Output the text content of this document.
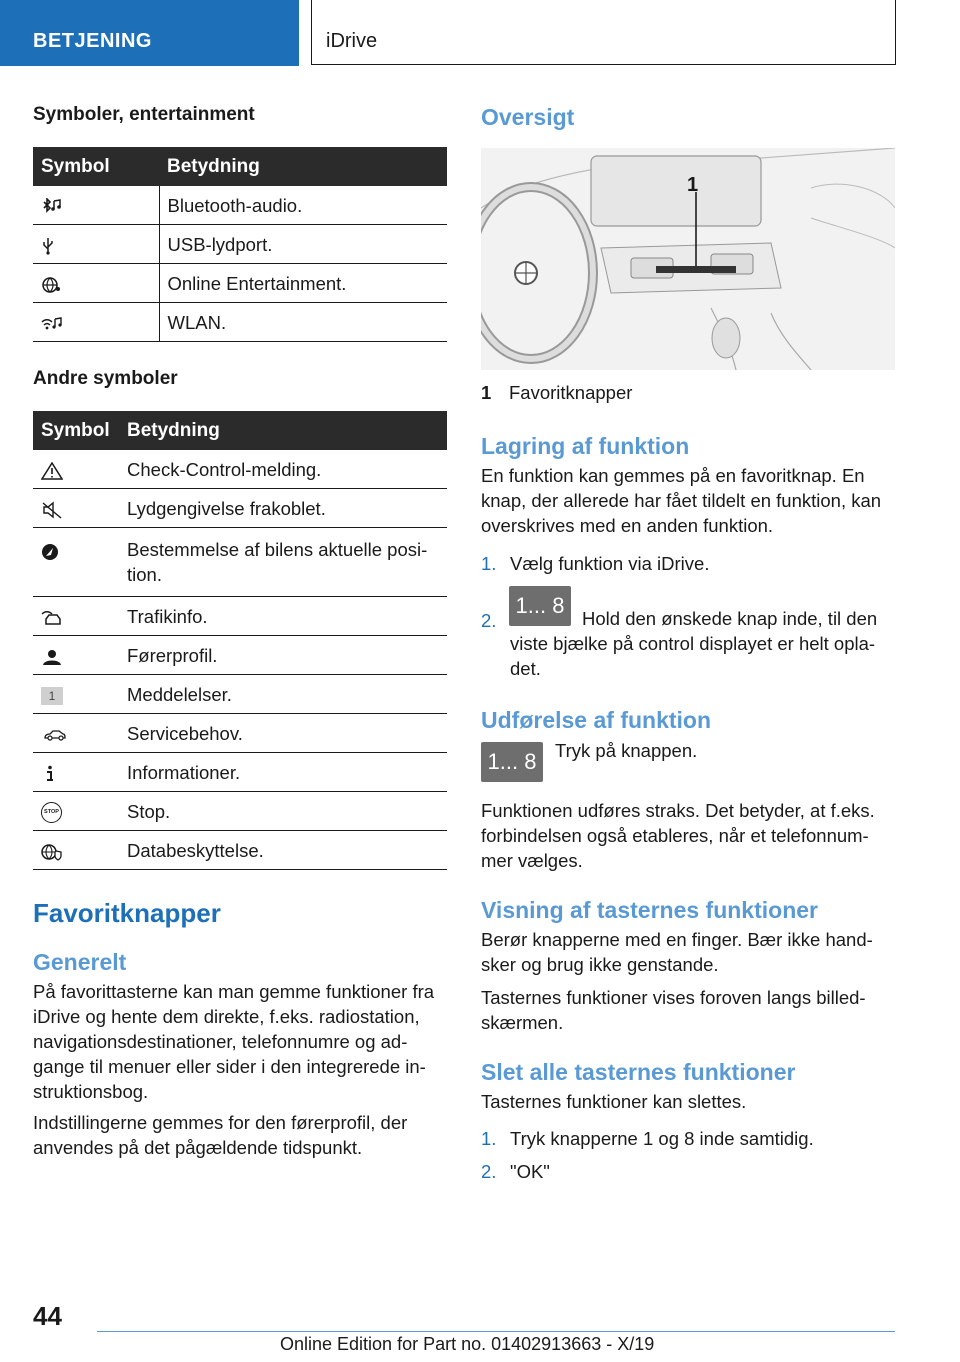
BETJENING	iDrive
Symboler, entertainment
Symbol	Betydning
	Bluetooth-audio.
	USB-lydport.
	Online Entertainment.
	WLAN.
Andre symboler
Symbol	Betydning
	Check-Control-melding.
	Lydgengivelse frakoblet.
	Bestemmelse af bilens aktuelle posi‐tion.
	Trafikinfo.
	Førerprofil.
1	Meddelelser.
	Servicebehov.
	Informationer.
STOP	Stop.
	Databeskyttelse.
Favoritknapper
Generelt
På favorittasterne kan man gemme funktioner fra iDrive og hente dem direkte, f.eks. radiostation, navigationsdestinationer, telefonnumre og ad‐gange til menuer eller sider i den integrerede in‐struktionsbog.
Indstillingerne gemmes for den førerprofil, der anvendes på det pågældende tidspunkt.
Oversigt
1
1 Favoritknapper
Lagring af funktion
En funktion kan gemmes på en favoritknap. En knap, der allerede har fået tildelt en funktion, kan overskrives med en anden funktion.
1. Vælg funktion via iDrive.
2.
1... 8
Hold den ønskede knap inde, til den viste bjælke på control displayet er helt opla‐det.
Udførelse af funktion
1... 8	Tryk på knappen.
Funktionen udføres straks. Det betyder, at f.eks. forbindelsen også etableres, når et telefonnum‐mer vælges.
Visning af tasternes funktioner
Berør knapperne med en finger. Bær ikke hand‐sker og brug ikke genstande.
Tasternes funktioner vises foroven langs billed‐skærmen.
Slet alle tasternes funktioner
Tasternes funktioner kan slettes.
1. Tryk knapperne 1 og 8 inde samtidig.
2. "OK"
44
Online Edition for Part no. 01402913663 - X/19
